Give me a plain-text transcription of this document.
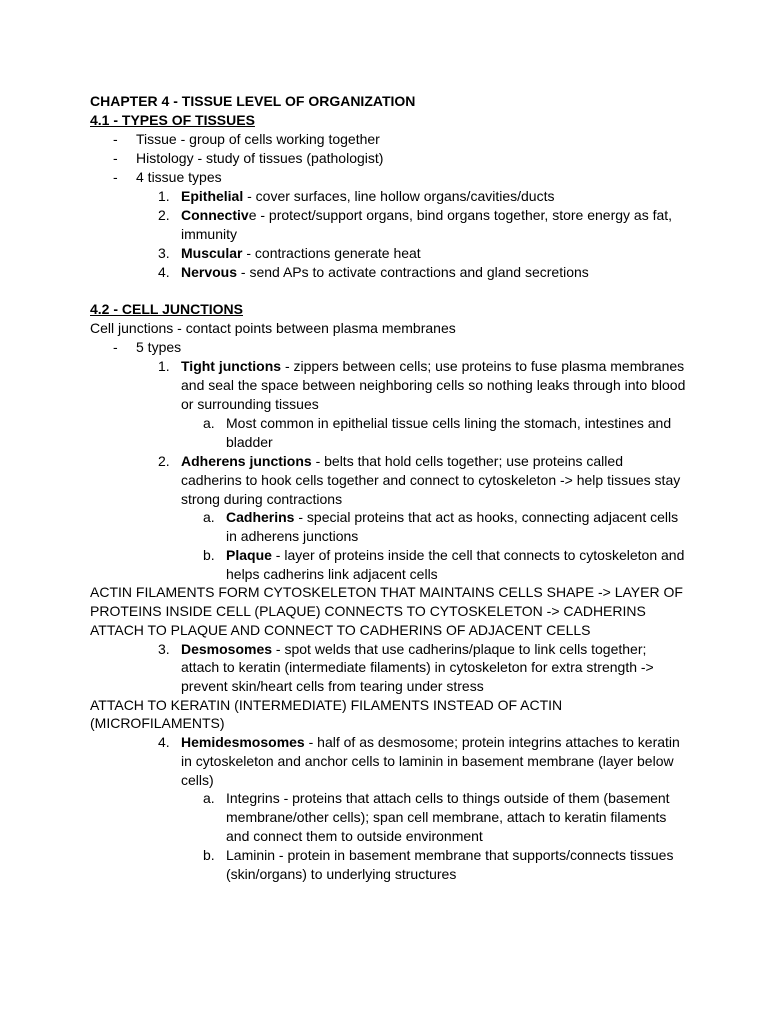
CHAPTER 4 - TISSUE LEVEL OF ORGANIZATION
4.1 - TYPES OF TISSUES
- Tissue - group of cells working together
- Histology - study of tissues (pathologist)
- 4 tissue types
1. Epithelial - cover surfaces, line hollow organs/cavities/ducts
2. Connective - protect/support organs, bind organs together, store energy as fat,
immunity
3. Muscular - contractions generate heat
4. Nervous - send APs to activate contractions and gland secretions
4.2 - CELL JUNCTIONS
Cell junctions - contact points between plasma membranes
- 5 types
1. Tight junctions - zippers between cells; use proteins to fuse plasma membranes
and seal the space between neighboring cells so nothing leaks through into blood
or surrounding tissues
a. Most common in epithelial tissue cells lining the stomach, intestines and
bladder
2. Adherens junctions - belts that hold cells together; use proteins called
cadherins to hook cells together and connect to cytoskeleton -> help tissues stay
strong during contractions
a. Cadherins - special proteins that act as hooks, connecting adjacent cells
in adherens junctions
b. Plaque - layer of proteins inside the cell that connects to cytoskeleton and
helps cadherins link adjacent cells
ACTIN FILAMENTS FORM CYTOSKELETON THAT MAINTAINS CELLS SHAPE -> LAYER OF
PROTEINS INSIDE CELL (PLAQUE) CONNECTS TO CYTOSKELETON -> CADHERINS
ATTACH TO PLAQUE AND CONNECT TO CADHERINS OF ADJACENT CELLS
3. Desmosomes - spot welds that use cadherins/plaque to link cells together;
attach to keratin (intermediate filaments) in cytoskeleton for extra strength ->
prevent skin/heart cells from tearing under stress
ATTACH TO KERATIN (INTERMEDIATE) FILAMENTS INSTEAD OF ACTIN
(MICROFILAMENTS)
4. Hemidesmosomes - half of as desmosome; protein integrins attaches to keratin
in cytoskeleton and anchor cells to laminin in basement membrane (layer below
cells)
a. Integrins - proteins that attach cells to things outside of them (basement
membrane/other cells); span cell membrane, attach to keratin filaments
and connect them to outside environment
b. Laminin - protein in basement membrane that supports/connects tissues
(skin/organs) to underlying structures
